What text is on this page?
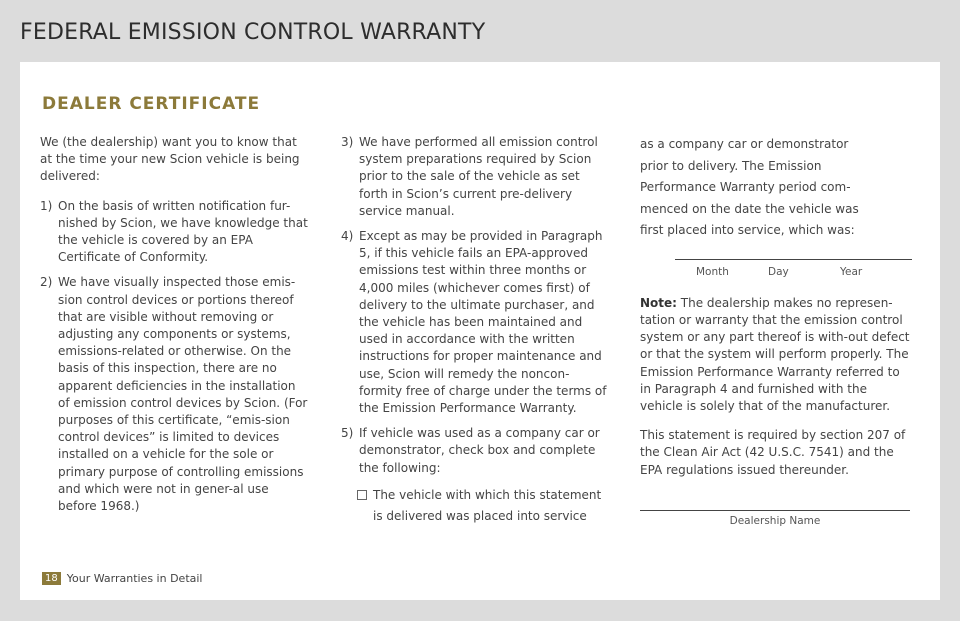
FEDERAL EMISSION CONTROL WARRANTY
DEALER CERTIFICATE

We (the dealership) want you to know that at the time your new Scion vehicle is being delivered:

1) On the basis of written notification fur-nished by Scion, we have knowledge that the vehicle is covered by an EPA Certificate of Conformity.
2) We have visually inspected those emis-sion control devices or portions thereof that are visible without removing or adjusting any components or systems, emissions-related or otherwise. On the basis of this inspection, there are no apparent deficiencies in the installation of emission control devices by Scion. (For purposes of this certificate, “emis-sion control devices” is limited to devices installed on a vehicle for the sole or primary purpose of controlling emissions and which were not in gener-al use before 1968.)
3) We have performed all emission control system preparations required by Scion prior to the sale of the vehicle as set forth in Scion’s current pre-delivery service manual.
4) Except as may be provided in Paragraph 5, if this vehicle fails an EPA-approved emissions test within three months or 4,000 miles (whichever comes first) of delivery to the ultimate purchaser, and the vehicle has been maintained and used in accordance with the written instructions for proper maintenance and use, Scion will remedy the noncon-formity free of charge under the terms of the Emission Performance Warranty.
5) If vehicle was used as a company car or demonstrator, check box and complete the following:
The vehicle with which this statement is delivered was placed into service
as a company car or demonstrator prior to delivery. The Emission Performance Warranty period com-menced on the date the vehicle was first placed into service, which was:
Month	Day	Year

Note: The dealership makes no represen-tation or warranty that the emission control system or any part thereof is with-out defect or that the system will perform properly. The Emission Performance Warranty referred to in Paragraph 4 and furnished with the vehicle is solely that of the manufacturer.

This statement is required by section 207 of the Clean Air Act (42 U.S.C. 7541) and the EPA regulations issued thereunder.

Dealership Name
18 Your Warranties in Detail
